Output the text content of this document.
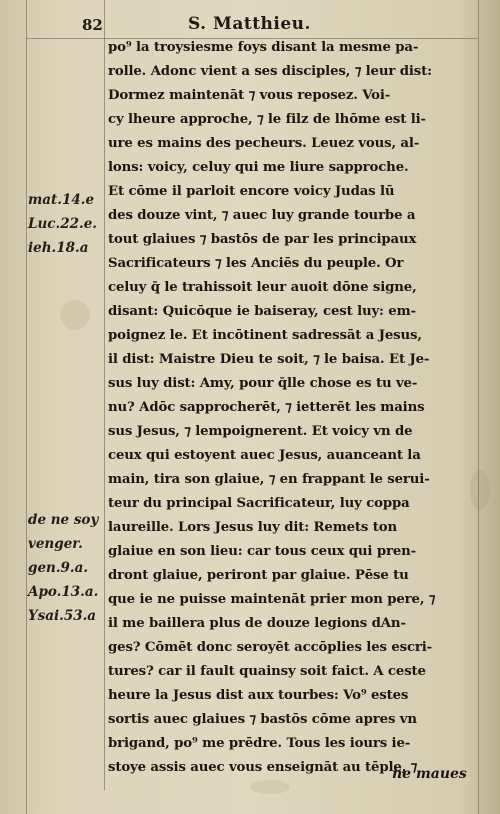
82	S. Matthieu.
mat.14.e
Luc.22.e.
ieh.18.a
de ne soy
venger.
gen.9.a.
Apo.13.a.
Ysai.53.a
po⁹ la troysiesme foys disant la mesme pa-
rolle. Adonc vient a ses disciples, ⁊ leur dist:
Dormez maintenāt ⁊ vous reposez. Voi-
cy lheure approche, ⁊ le filz de lhōme est li-
ure es mains des pecheurs. Leuez vous, al-
lons: voicy, celuy qui me liure sapproche.
Et cōme il parloit encore voicy Judas lū
des douze vint, ⁊ auec luy grande tourbe a
tout glaiues ⁊ bastōs de par les principaux
Sacrificateurs ⁊ les Anciēs du peuple. Or
celuy q̄ le trahissoit leur auoit dōne signe,
disant: Quicōque ie baiseray, cest luy: em-
poignez le. Et incōtinent sadressāt a Jesus,
il dist: Maistre Dieu te soit, ⁊ le baisa. Et Je-
sus luy dist: Amy, pour q̄lle chose es tu ve-
nu? Adōc sapprocherēt, ⁊ ietterēt les mains
sus Jesus, ⁊ lempoignerent. Et voicy vn de
ceux qui estoyent auec Jesus, auanceant la
main, tira son glaiue, ⁊ en frappant le serui-
teur du principal Sacrificateur, luy coppa
laureille. Lors Jesus luy dit: Remets ton
glaiue en son lieu: car tous ceux qui pren-
dront glaiue, periront par glaiue. Pēse tu
que ie ne puisse maintenāt prier mon pere, ⁊
il me baillera plus de douze legions dAn-
ges? Cōmēt donc seroyēt accōplies les escri-
tures? car il fault quainsy soit faict. A ceste
heure la Jesus dist aux tourbes: Vo⁹ estes
sortis auec glaiues ⁊ bastōs cōme apres vn
brigand, po⁹ me prēdre. Tous les iours ie-
stoye assis auec vous enseignāt au tēple, ⁊
ne maues
